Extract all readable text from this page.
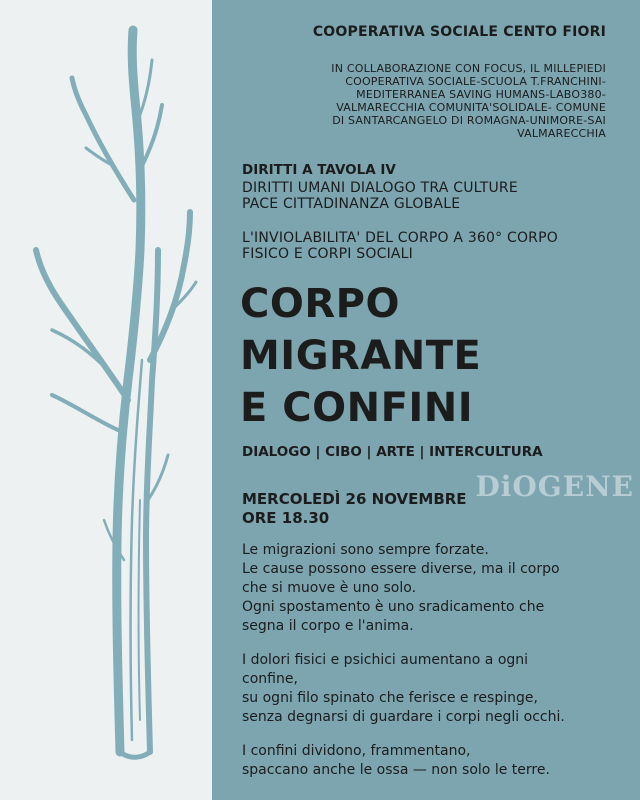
COOPERATIVA SOCIALE CENTO FIORI
IN COLLABORAZIONE CON FOCUS, IL MILLEPIEDI
COOPERATIVA SOCIALE-SCUOLA T.FRANCHINI-
MEDITERRANEA SAVING HUMANS-LABO380-
VALMARECCHIA COMUNITA'SOLIDALE- COMUNE
DI SANTARCANGELO DI ROMAGNA-UNIMORE-SAI
VALMARECCHIA
DIRITTI A TAVOLA IV
DIRITTI UMANI DIALOGO TRA CULTURE
PACE CITTADINANZA GLOBALE
L'INVIOLABILITA' DEL CORPO A 360° CORPO
FISICO E CORPI SOCIALI
CORPO
MIGRANTE
E CONFINI
DIALOGO | CIBO | ARTE | INTERCULTURA
DiOGENE
MERCOLEDÌ 26 NOVEMBRE
ORE 18.30

Le migrazioni sono sempre forzate.
Le cause possono essere diverse, ma il corpo
che si muove è uno solo.
Ogni spostamento è uno sradicamento che
segna il corpo e l'anima.

I dolori fisici e psichici aumentano a ogni
confine,
su ogni filo spinato che ferisce e respinge,
senza degnarsi di guardare i corpi negli occhi.

I confini dividono, frammentano,
spaccano anche le ossa — non solo le terre.
